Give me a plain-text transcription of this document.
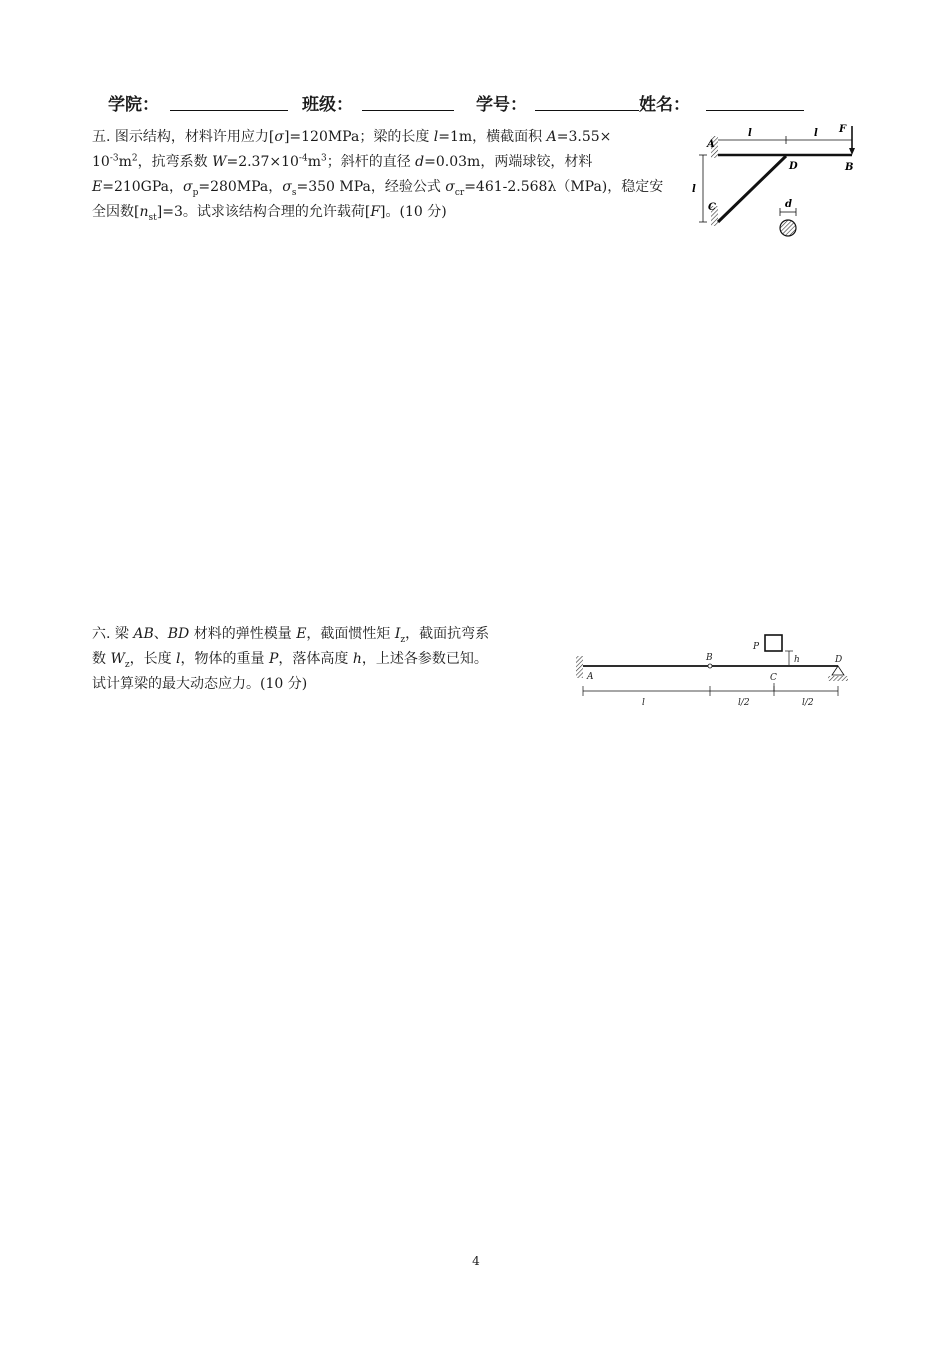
学院：	班级：	学号：	姓名：
五. 图示结构，材料许用应力[σ]=120MPa；梁的长度 l=1m，横截面积 A=3.55×
$10^{-3}m^2$，抗弯系数 $W=2.37\times 10^{-4}m^3$；斜杆的直径 d=0.03m，两端球铰，材料
E=210GPa，$\sigma_p=280MPa$，$\sigma_s=350$ MPa，经验公式 $\sigma_{cr}=461-2.568\lambda(MPa)$，稳定安
全因数$[n_{st}]=3$。试求该结构合理的允许载荷[F]。(10 分)
A
B
C
D
F
d
l	l
l
六. 梁 AB、BD 材料的弹性模量 E，截面惯性矩 $I_z$，截面抗弯系
数 $W_z$，长度 l，物体的重量 P，落体高度 h，上述各参数已知。
试计算梁的最大动态应力。(10 分)	A
B
C
D
P
h
l	l/2	l/2
4
